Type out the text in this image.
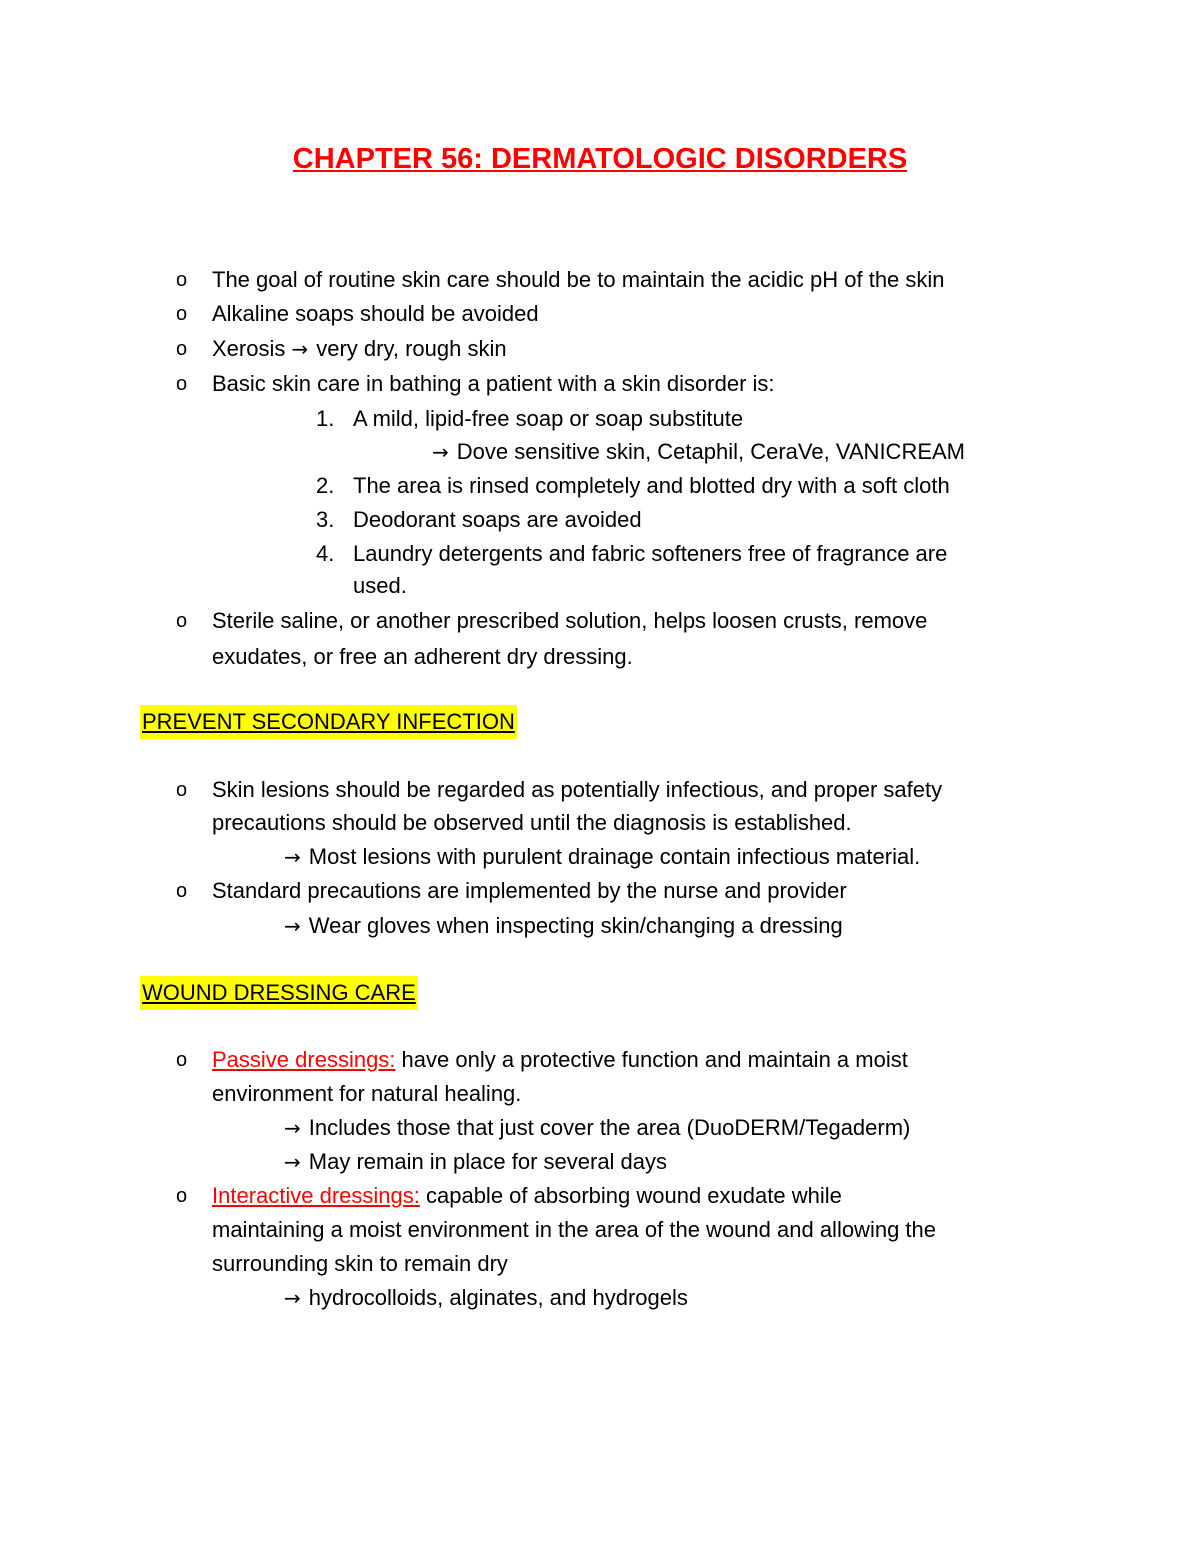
CHAPTER 56: DERMATOLOGIC DISORDERS
o The goal of routine skin care should be to maintain the acidic pH of the skin
o Alkaline soaps should be avoided
o Xerosis → very dry, rough skin
o Basic skin care in bathing a patient with a skin disorder is:
1. A mild, lipid-free soap or soap substitute
→ Dove sensitive skin, Cetaphil, CeraVe, VANICREAM
2. The area is rinsed completely and blotted dry with a soft cloth
3. Deodorant soaps are avoided
4. Laundry detergents and fabric softeners free of fragrance are
used.
o Sterile saline, or another prescribed solution, helps loosen crusts, remove
exudates, or free an adherent dry dressing.
PREVENT SECONDARY INFECTION
o Skin lesions should be regarded as potentially infectious, and proper safety
precautions should be observed until the diagnosis is established.
→ Most lesions with purulent drainage contain infectious material.
o Standard precautions are implemented by the nurse and provider
→ Wear gloves when inspecting skin/changing a dressing
WOUND DRESSING CARE
o Passive dressings: have only a protective function and maintain a moist
environment for natural healing.
→ Includes those that just cover the area (DuoDERM/Tegaderm)
→ May remain in place for several days
o Interactive dressings: capable of absorbing wound exudate while
maintaining a moist environment in the area of the wound and allowing the
surrounding skin to remain dry
→ hydrocolloids, alginates, and hydrogels
